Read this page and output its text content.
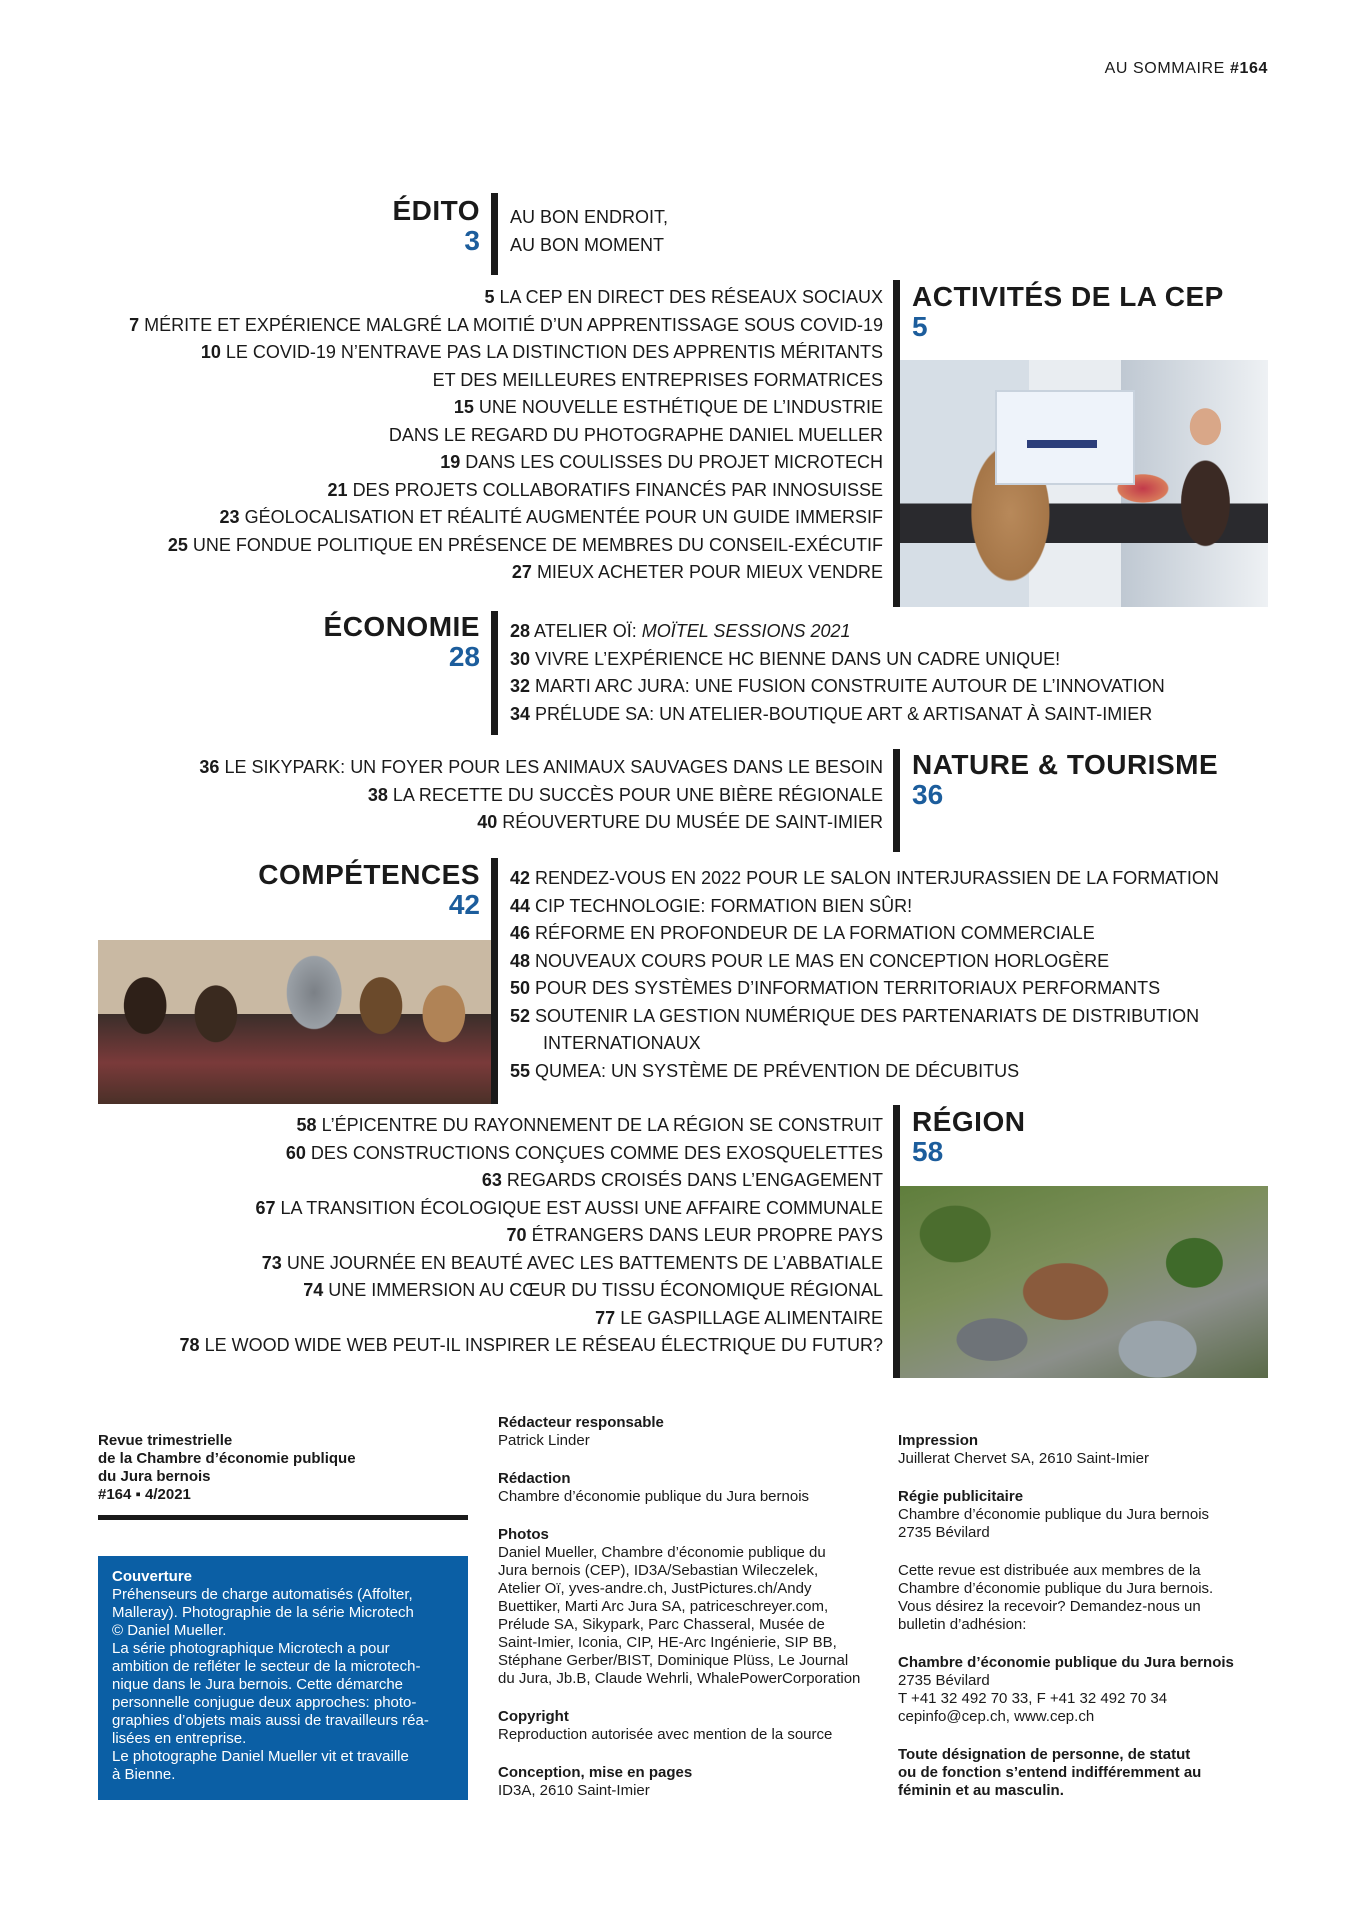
AU SOMMAIRE #164
ÉDITO
3
AU BON ENDROIT,
AU BON MOMENT
5 LA CEP EN DIRECT DES RÉSEAUX SOCIAUX
7 MÉRITE ET EXPÉRIENCE MALGRÉ LA MOITIÉ D’UN APPRENTISSAGE SOUS COVID-19
10 LE COVID-19 N’ENTRAVE PAS LA DISTINCTION DES APPRENTIS MÉRITANTS
ET DES MEILLEURES ENTREPRISES FORMATRICES
15 UNE NOUVELLE ESTHÉTIQUE DE L’INDUSTRIE
DANS LE REGARD DU PHOTOGRAPHE DANIEL MUELLER
19 DANS LES COULISSES DU PROJET MICROTECH
21 DES PROJETS COLLABORATIFS FINANCÉS PAR INNOSUISSE
23 GÉOLOCALISATION ET RÉALITÉ AUGMENTÉE POUR UN GUIDE IMMERSIF
25 UNE FONDUE POLITIQUE EN PRÉSENCE DE MEMBRES DU CONSEIL-EXÉCUTIF
27 MIEUX ACHETER POUR MIEUX VENDRE
ACTIVITÉS DE LA CEP
5
ÉCONOMIE
28
28 ATELIER OÏ: MOÏTEL SESSIONS 2021
30 VIVRE L’EXPÉRIENCE HC BIENNE DANS UN CADRE UNIQUE!
32 MARTI ARC JURA: UNE FUSION CONSTRUITE AUTOUR DE L’INNOVATION
34 PRÉLUDE SA: UN ATELIER-BOUTIQUE ART & ARTISANAT À SAINT-IMIER
36 LE SIKYPARK: UN FOYER POUR LES ANIMAUX SAUVAGES DANS LE BESOIN
38 LA RECETTE DU SUCCÈS POUR UNE BIÈRE RÉGIONALE
40 RÉOUVERTURE DU MUSÉE DE SAINT-IMIER
NATURE & TOURISME
36
COMPÉTENCES
42
42 RENDEZ-VOUS EN 2022 POUR LE SALON INTERJURASSIEN DE LA FORMATION
44 CIP TECHNOLOGIE: FORMATION BIEN SÛR!
46 RÉFORME EN PROFONDEUR DE LA FORMATION COMMERCIALE
48 NOUVEAUX COURS POUR LE MAS EN CONCEPTION HORLOGÈRE
50 POUR DES SYSTÈMES D’INFORMATION TERRITORIAUX PERFORMANTS
52 SOUTENIR LA GESTION NUMÉRIQUE DES PARTENARIATS DE DISTRIBUTION
INTERNATIONAUX
55 QUMEA: UN SYSTÈME DE PRÉVENTION DE DÉCUBITUS
58 L’ÉPICENTRE DU RAYONNEMENT DE LA RÉGION SE CONSTRUIT
60 DES CONSTRUCTIONS CONÇUES COMME DES EXOSQUELETTES
63 REGARDS CROISÉS DANS L’ENGAGEMENT
67 LA TRANSITION ÉCOLOGIQUE EST AUSSI UNE AFFAIRE COMMUNALE
70 ÉTRANGERS DANS LEUR PROPRE PAYS
73 UNE JOURNÉE EN BEAUTÉ AVEC LES BATTEMENTS DE L’ABBATIALE
74 UNE IMMERSION AU CŒUR DU TISSU ÉCONOMIQUE RÉGIONAL
77 LE GASPILLAGE ALIMENTAIRE
78 LE WOOD WIDE WEB PEUT-IL INSPIRER LE RÉSEAU ÉLECTRIQUE DU FUTUR?
RÉGION
58
Revue trimestrielle
de la Chambre d’économie publique
du Jura bernois
#164 ▪ 4/2021
Couverture
Préhenseurs de charge automatisés (Affolter,
Malleray). Photographie de la série Microtech
© Daniel Mueller.
La série photographique Microtech a pour
ambition de refléter le secteur de la microtech-
nique dans le Jura bernois. Cette démarche
personnelle conjugue deux approches: photo-
graphies d’objets mais aussi de travailleurs réa-
lisées en entreprise.
Le photographe Daniel Mueller vit et travaille
à Bienne.
Rédacteur responsable

Patrick Linder

Rédaction

Chambre d’économie publique du Jura bernois

Photos

Daniel Mueller, Chambre d’économie publique du

Jura bernois (CEP), ID3A/Sebastian Wileczelek,

Atelier Oï, yves-andre.ch, JustPictures.ch/Andy

Buettiker, Marti Arc Jura SA, patriceschreyer.com,

Prélude SA, Sikypark, Parc Chasseral, Musée de

Saint-Imier, Iconia, CIP, HE-Arc Ingénierie, SIP BB,

Stéphane Gerber/BIST, Dominique Plüss, Le Journal

du Jura, Jb.B, Claude Wehrli, WhalePowerCorporation

Copyright

Reproduction autorisée avec mention de la source

Conception, mise en pages

ID3A, 2610 Saint-Imier

Impression

Juillerat Chervet SA, 2610 Saint-Imier

Régie publicitaire

Chambre d’économie publique du Jura bernois

2735 Bévilard

Cette revue est distribuée aux membres de la

Chambre d’économie publique du Jura bernois.

Vous désirez la recevoir? Demandez-nous un

bulletin d’adhésion:

Chambre d’économie publique du Jura bernois

2735 Bévilard

T +41 32 492 70 33, F +41 32 492 70 34

cepinfo@cep.ch, www.cep.ch

Toute désignation de personne, de statut

ou de fonction s’entend indifféremment au

féminin et au masculin.
